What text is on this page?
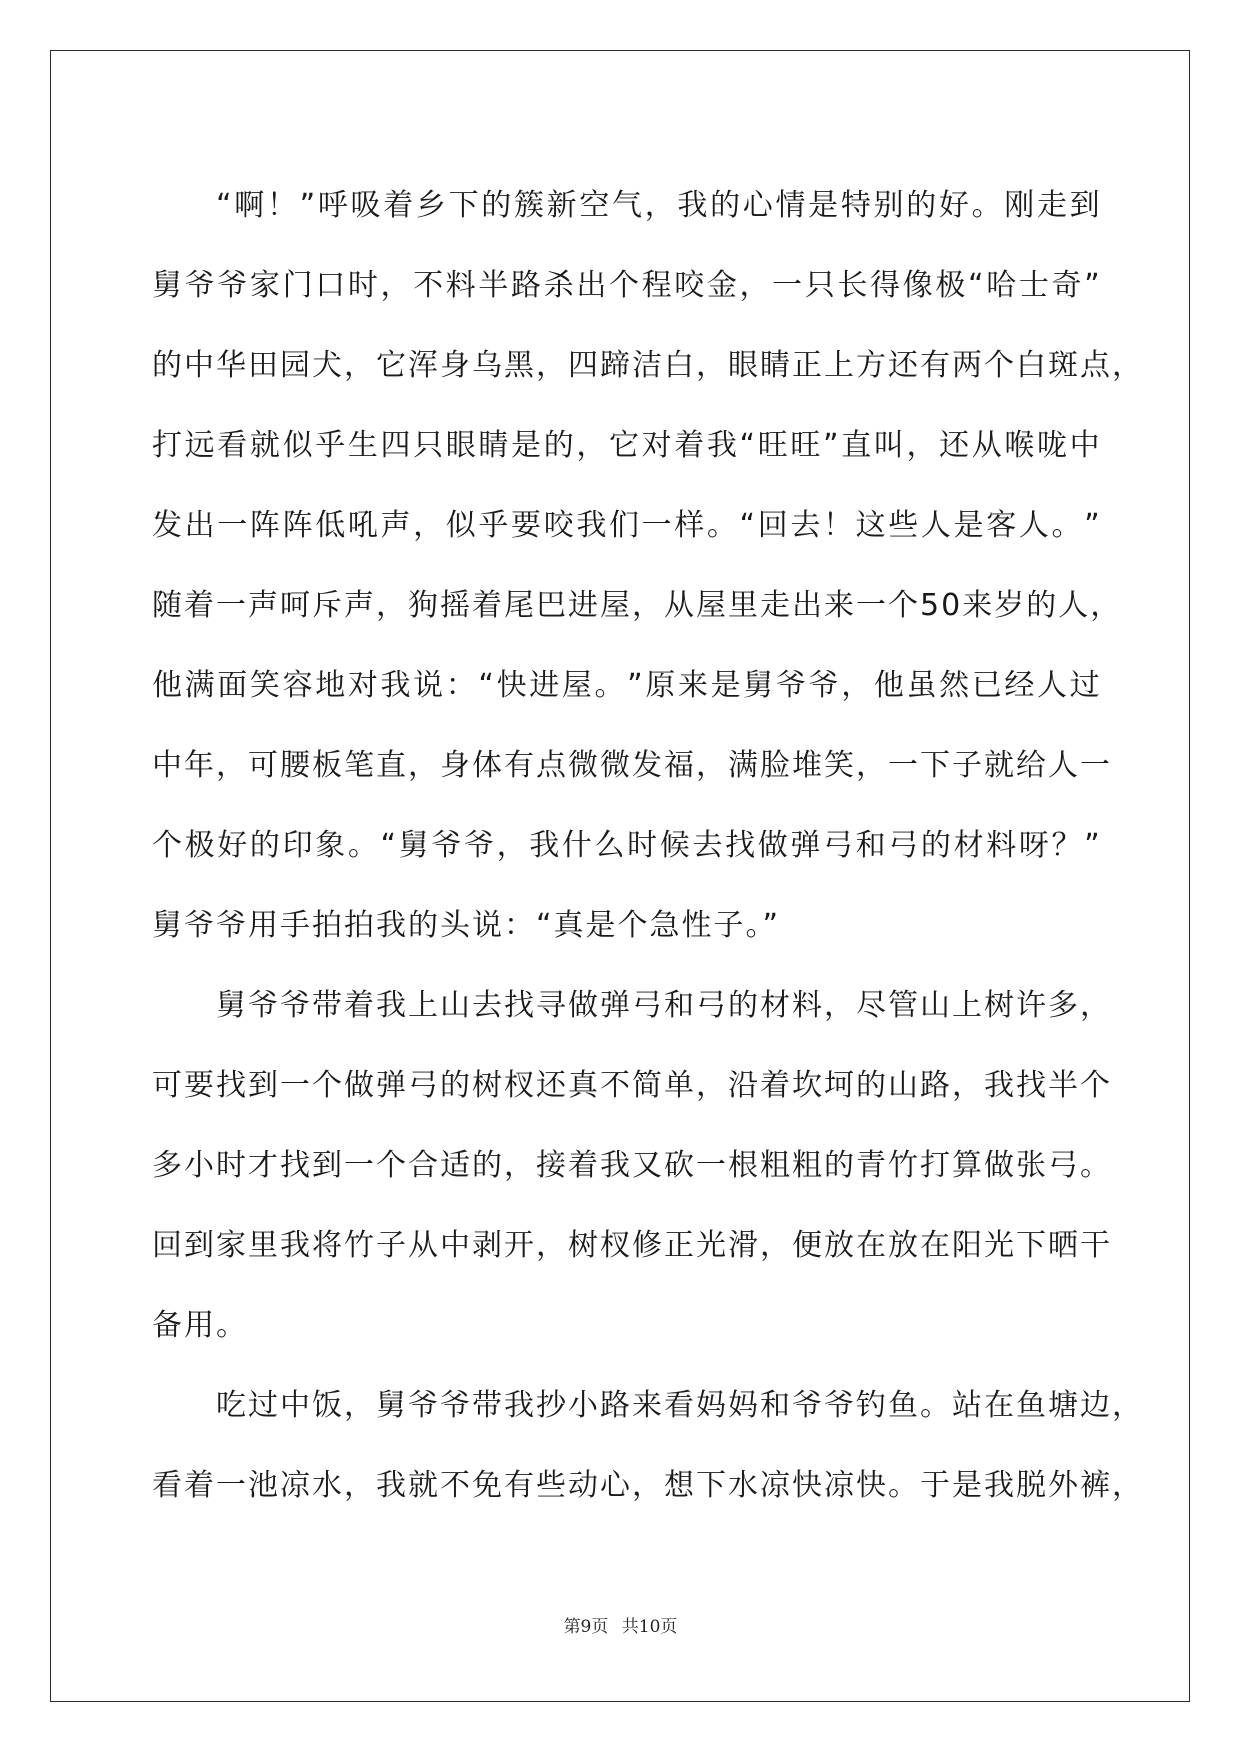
“ 啊 ！ ” 呼 吸 着 乡 下 的 簇 新 空 气 ， 我 的 心 情 是 特 别 的 好 。 刚 走 到
舅 爷 爷 家 门 口 时 ， 不 料 半 路 杀 出 个 程 咬 金 ， 一 只 长 得 像 极 “ 哈 士 奇 ”
的 中 华 田 园 犬 ， 它 浑 身 乌 黑 ， 四 蹄 洁 白 ， 眼 睛 正 上 方 还 有 两 个 白 斑 点 ，
打 远 看 就 似 乎 生 四 只 眼 睛 是 的 ， 它 对 着 我 “ 旺 旺 ” 直 叫 ， 还 从 喉 咙 中
发 出 一 阵 阵 低 吼 声 ， 似 乎 要 咬 我 们 一 样 。 “ 回 去 ！ 这 些 人 是 客 人 。 ”
随 着 一 声 呵 斥 声 ， 狗 摇 着 尾 巴 进 屋 ， 从 屋 里 走 出 来 一 个 5 0 来 岁 的 人 ，
他 满 面 笑 容 地 对 我 说 ： “ 快 进 屋 。 ” 原 来 是 舅 爷 爷 ， 他 虽 然 已 经 人 过
中 年 ， 可 腰 板 笔 直 ， 身 体 有 点 微 微 发 福 ， 满 脸 堆 笑 ， 一 下 子 就 给 人 一
个 极 好 的 印 象 。 “ 舅 爷 爷 ， 我 什 么 时 候 去 找 做 弹 弓 和 弓 的 材 料 呀 ？ ”
舅爷爷用手拍拍我的头说：“真是个急性子。”
舅 爷 爷 带 着 我 上 山 去 找 寻 做 弹 弓 和 弓 的 材 料 ， 尽 管 山 上 树 许 多 ，
可 要 找 到 一 个 做 弹 弓 的 树 杈 还 真 不 简 单 ， 沿 着 坎 坷 的 山 路 ， 我 找 半 个
多 小 时 才 找 到 一 个 合 适 的 ， 接 着 我 又 砍 一 根 粗 粗 的 青 竹 打 算 做 张 弓 。
回 到 家 里 我 将 竹 子 从 中 剥 开 ， 树 杈 修 正 光 滑 ， 便 放 在 放 在 阳 光 下 晒 干
备用。
吃 过 中 饭 ， 舅 爷 爷 带 我 抄 小 路 来 看 妈 妈 和 爷 爷 钓 鱼 。 站 在 鱼 塘 边 ，
看 着 一 池 凉 水 ， 我 就 不 免 有 些 动 心 ， 想 下 水 凉 快 凉 快 。 于 是 我 脱 外 裤 ，
第9页 共10页
